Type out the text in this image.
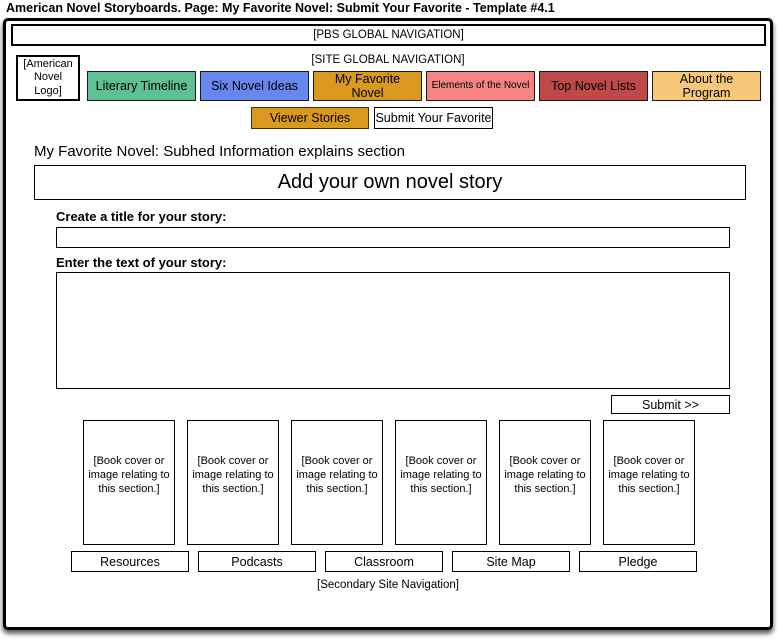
American Novel Storyboards. Page: My Favorite Novel: Submit Your Favorite - Template #4.1
[PBS GLOBAL NAVIGATION]
[SITE GLOBAL NAVIGATION]
[American Novel Logo]	Literary Timeline	Six Novel Ideas
My Favorite Novel
Elements of the Novel	Top Novel Lists
About the Program
Viewer Stories	Submit Your Favorite
My Favorite Novel: Subhed Information explains section
Add your own novel story
Create a title for your story:
Enter the text of your story:
Submit >>
[Book cover or image relating to this section.]
[Book cover or image relating to this section.]
[Book cover or image relating to this section.]
[Book cover or image relating to this section.]
[Book cover or image relating to this section.]
[Book cover or image relating to this section.]
Resources	Podcasts	Classroom	Site Map	Pledge
[Secondary Site Navigation]
